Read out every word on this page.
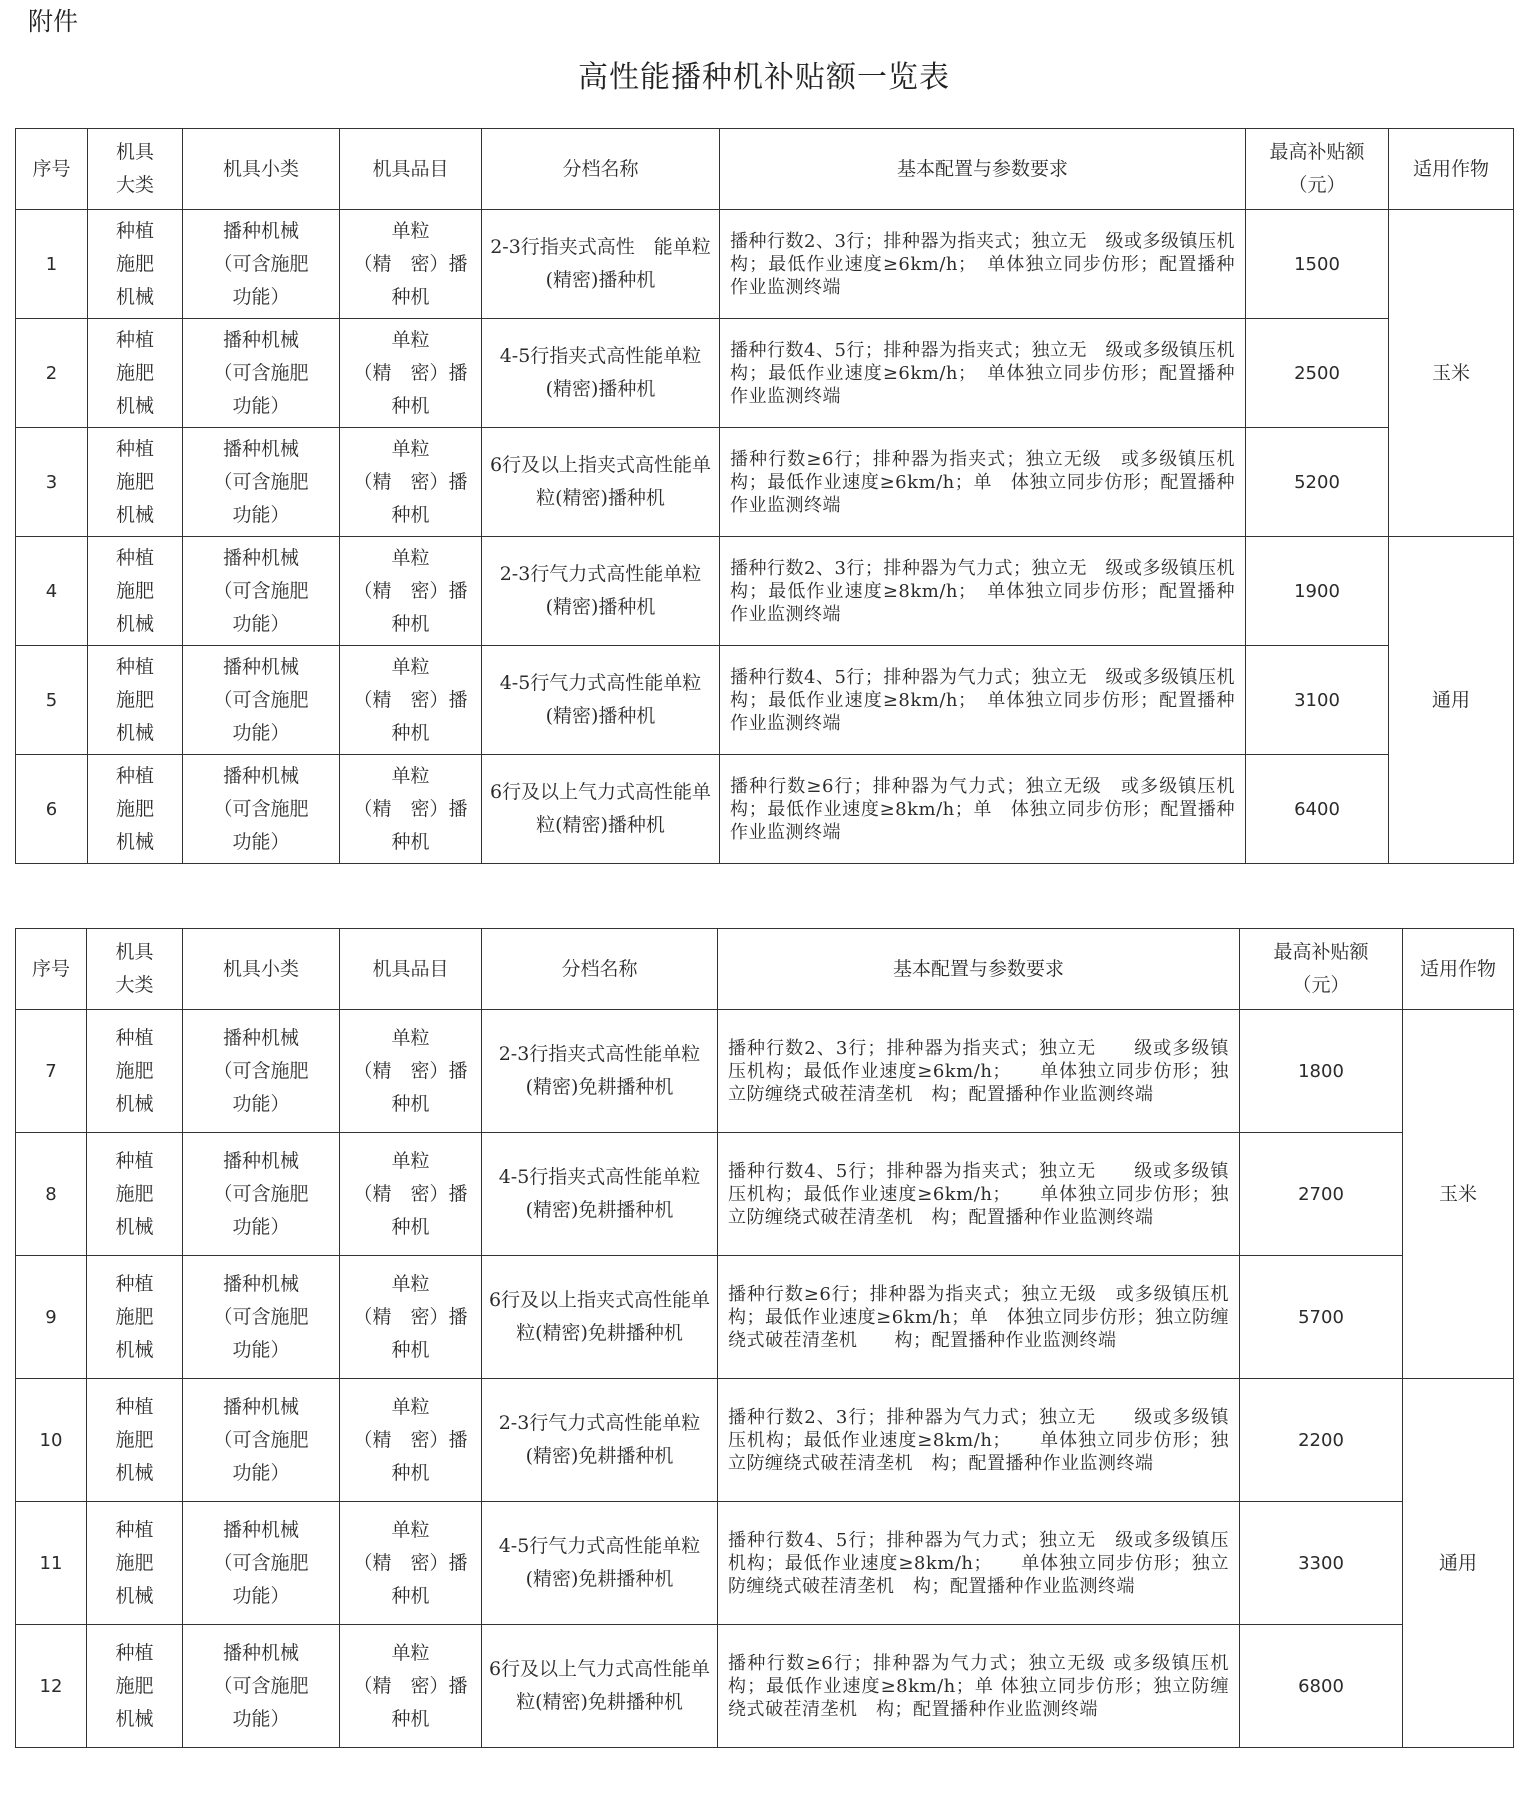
附件
高性能播种机补贴额一览表
序号	机具
大类	机具小类	机具品目	分档名称	基本配置与参数要求	最高补贴额
（元）	适用作物
1	种植
施肥
机械	播种机械
（可含施肥
功能）	单粒
（精　密）播
种机	2-3行指夹式高性　能单粒(精密)播种机	播种行数2、3行；排种器为指夹式；独立无　级或多级镇压机构；最低作业速度≥6km/h；　单体独立同步仿形；配置播种作业监测终端	1500	玉米
2	种植
施肥
机械	播种机械
（可含施肥
功能）	单粒
（精　密）播
种机	4-5行指夹式高性能单粒(精密)播种机	播种行数4、5行；排种器为指夹式；独立无　级或多级镇压机构；最低作业速度≥6km/h；　单体独立同步仿形；配置播种作业监测终端	2500	
3	种植
施肥
机械	播种机械
（可含施肥
功能）	单粒
（精　密）播
种机	6行及以上指夹式高性能单粒(精密)播种机	播种行数≥6行；排种器为指夹式；独立无级　或多级镇压机构；最低作业速度≥6km/h；单　体独立同步仿形；配置播种作业监测终端	5200	
4	种植
施肥
机械	播种机械
（可含施肥
功能）	单粒
（精　密）播
种机	2-3行气力式高性能单粒(精密)播种机	播种行数2、3行；排种器为气力式；独立无　级或多级镇压机构；最低作业速度≥8km/h；　单体独立同步仿形；配置播种作业监测终端	1900	通用
5	种植
施肥
机械	播种机械
（可含施肥
功能）	单粒
（精　密）播
种机	4-5行气力式高性能单粒(精密)播种机	播种行数4、5行；排种器为气力式；独立无　级或多级镇压机构；最低作业速度≥8km/h；　单体独立同步仿形；配置播种作业监测终端	3100	
6	种植
施肥
机械	播种机械
（可含施肥
功能）	单粒
（精　密）播
种机	6行及以上气力式高性能单粒(精密)播种机	播种行数≥6行；排种器为气力式；独立无级　或多级镇压机构；最低作业速度≥8km/h；单　体独立同步仿形；配置播种作业监测终端	6400	
序号	机具
大类	机具小类	机具品目	分档名称	基本配置与参数要求	最高补贴额
（元）	适用作物
7	种植
施肥
机械	播种机械
（可含施肥
功能）	单粒
（精　密）播
种机	2-3行指夹式高性能单粒(精密)免耕播种机	播种行数2、3行；排种器为指夹式；独立无　　级或多级镇压机构；最低作业速度≥6km/h；　　单体独立同步仿形；独立防缠绕式破茬清垄机　构；配置播种作业监测终端	1800	玉米
8	种植
施肥
机械	播种机械
（可含施肥
功能）	单粒
（精　密）播
种机	4-5行指夹式高性能单粒(精密)免耕播种机	播种行数4、5行；排种器为指夹式；独立无　　级或多级镇压机构；最低作业速度≥6km/h；　　单体独立同步仿形；独立防缠绕式破茬清垄机　构；配置播种作业监测终端	2700	
9	种植
施肥
机械	播种机械
（可含施肥
功能）	单粒
（精　密）播
种机	6行及以上指夹式高性能单粒(精密)免耕播种机	播种行数≥6行；排种器为指夹式；独立无级　或多级镇压机构；最低作业速度≥6km/h；单　体独立同步仿形；独立防缠绕式破茬清垄机　　构；配置播种作业监测终端	5700	
10	种植
施肥
机械	播种机械
（可含施肥
功能）	单粒
（精　密）播
种机	2-3行气力式高性能单粒(精密)免耕播种机	播种行数2、3行；排种器为气力式；独立无　　级或多级镇压机构；最低作业速度≥8km/h；　　单体独立同步仿形；独立防缠绕式破茬清垄机　构；配置播种作业监测终端	2200	通用
11	种植
施肥
机械	播种机械
（可含施肥
功能）	单粒
（精　密）播
种机	4-5行气力式高性能单粒(精密)免耕播种机	播种行数4、5行；排种器为气力式；独立无　级或多级镇压机构；最低作业速度≥8km/h；　　单体独立同步仿形；独立防缠绕式破茬清垄机　构；配置播种作业监测终端	3300	
12	种植
施肥
机械	播种机械
（可含施肥
功能）	单粒
（精　密）播
种机	6行及以上气力式高性能单粒(精密)免耕播种机	播种行数≥6行；排种器为气力式；独立无级 或多级镇压机构；最低作业速度≥8km/h；单 体独立同步仿形；独立防缠绕式破茬清垄机　构；配置播种作业监测终端	6800	
